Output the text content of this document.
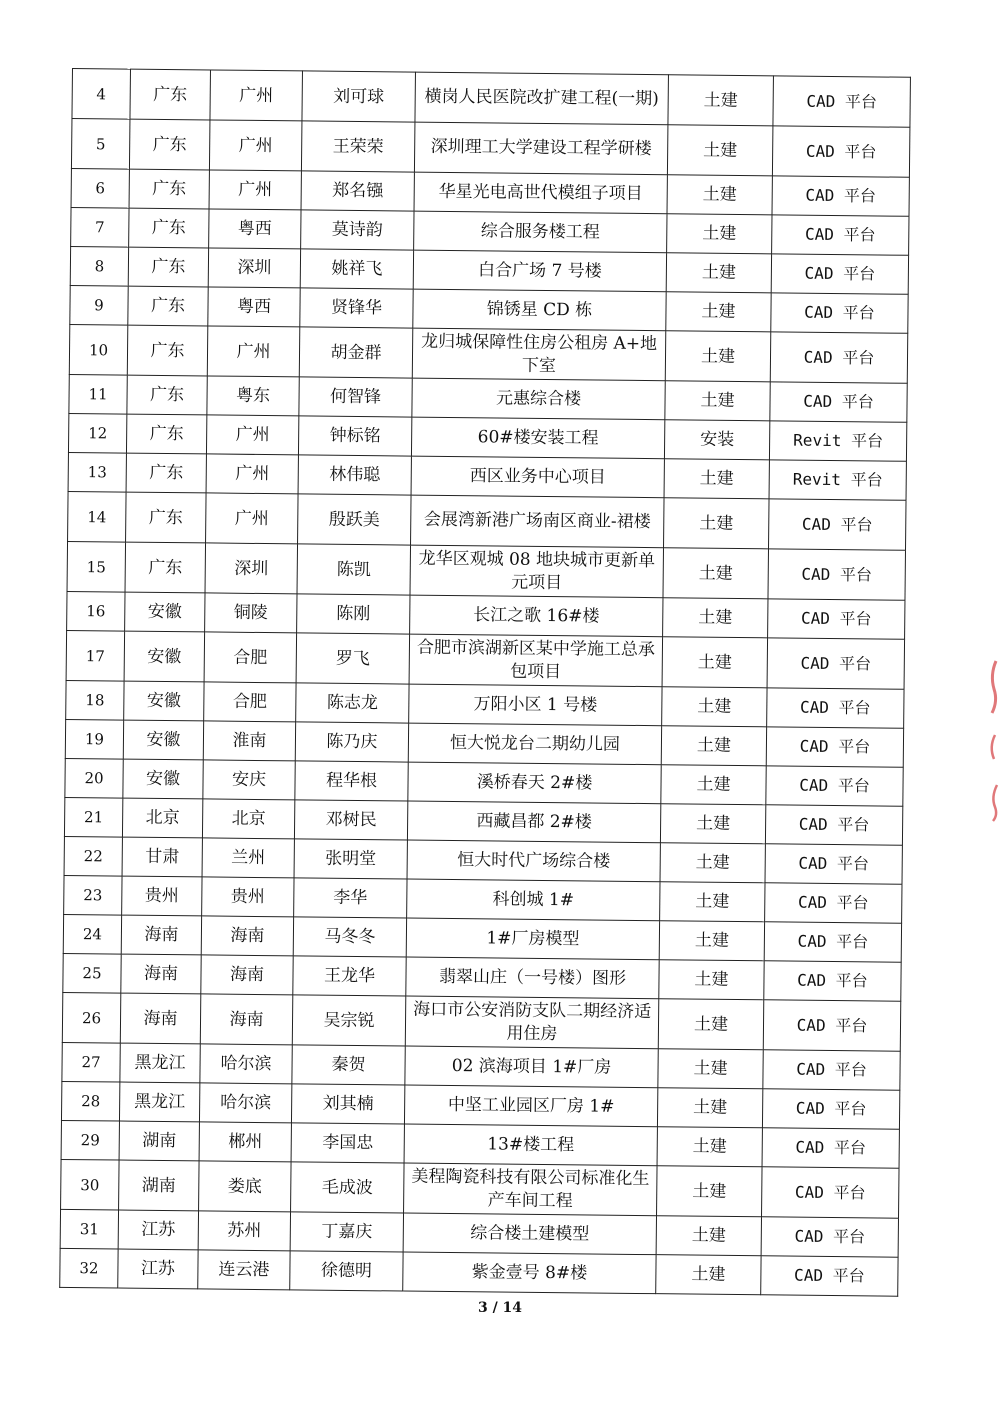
4	广东	广州	刘可球	横岗人民医院改扩建工程(一期)	土建	CAD 平台
5	广东	广州	王荣荣	深圳理工大学建设工程学研楼	土建	CAD 平台
6	广东	广州	郑名镪	华星光电高世代模组子项目	土建	CAD 平台
7	广东	粤西	莫诗韵	综合服务楼工程	土建	CAD 平台
8	广东	深圳	姚祥飞	白合广场 7 号楼	土建	CAD 平台
9	广东	粤西	贤锋华	锦锈星 CD 栋	土建	CAD 平台
10	广东	广州	胡金群	龙归城保障性住房公租房 A+地下室	土建	CAD 平台
11	广东	粤东	何智锋	元惠综合楼	土建	CAD 平台
12	广东	广州	钟标铭	60#楼安装工程	安装	Revit 平台
13	广东	广州	林伟聪	西区业务中心项目	土建	Revit 平台
14	广东	广州	殷跃美	会展湾新港广场南区商业-裙楼	土建	CAD 平台
15	广东	深圳	陈凯	龙华区观城 08 地块城市更新单元项目	土建	CAD 平台
16	安徽	铜陵	陈刚	长江之歌 16#楼	土建	CAD 平台
17	安徽	合肥	罗飞	合肥市滨湖新区某中学施工总承包项目	土建	CAD 平台
18	安徽	合肥	陈志龙	万阳小区 1 号楼	土建	CAD 平台
19	安徽	淮南	陈乃庆	恒大悦龙台二期幼儿园	土建	CAD 平台
20	安徽	安庆	程华根	溪桥春天 2#楼	土建	CAD 平台
21	北京	北京	邓树民	西藏昌都 2#楼	土建	CAD 平台
22	甘肃	兰州	张明堂	恒大时代广场综合楼	土建	CAD 平台
23	贵州	贵州	李华	科创城 1#	土建	CAD 平台
24	海南	海南	马冬冬	1#厂房模型	土建	CAD 平台
25	海南	海南	王龙华	翡翠山庄（一号楼）图形	土建	CAD 平台
26	海南	海南	吴宗锐	海口市公安消防支队二期经济适用住房	土建	CAD 平台
27	黑龙江	哈尔滨	秦贺	02 滨海项目 1#厂房	土建	CAD 平台
28	黑龙江	哈尔滨	刘其楠	中坚工业园区厂房 1#	土建	CAD 平台
29	湖南	郴州	李国忠	13#楼工程	土建	CAD 平台
30	湖南	娄底	毛成波	美程陶瓷科技有限公司标准化生产车间工程	土建	CAD 平台
31	江苏	苏州	丁嘉庆	综合楼土建模型	土建	CAD 平台
32	江苏	连云港	徐德明	紫金壹号 8#楼	土建	CAD 平台
3 / 14
